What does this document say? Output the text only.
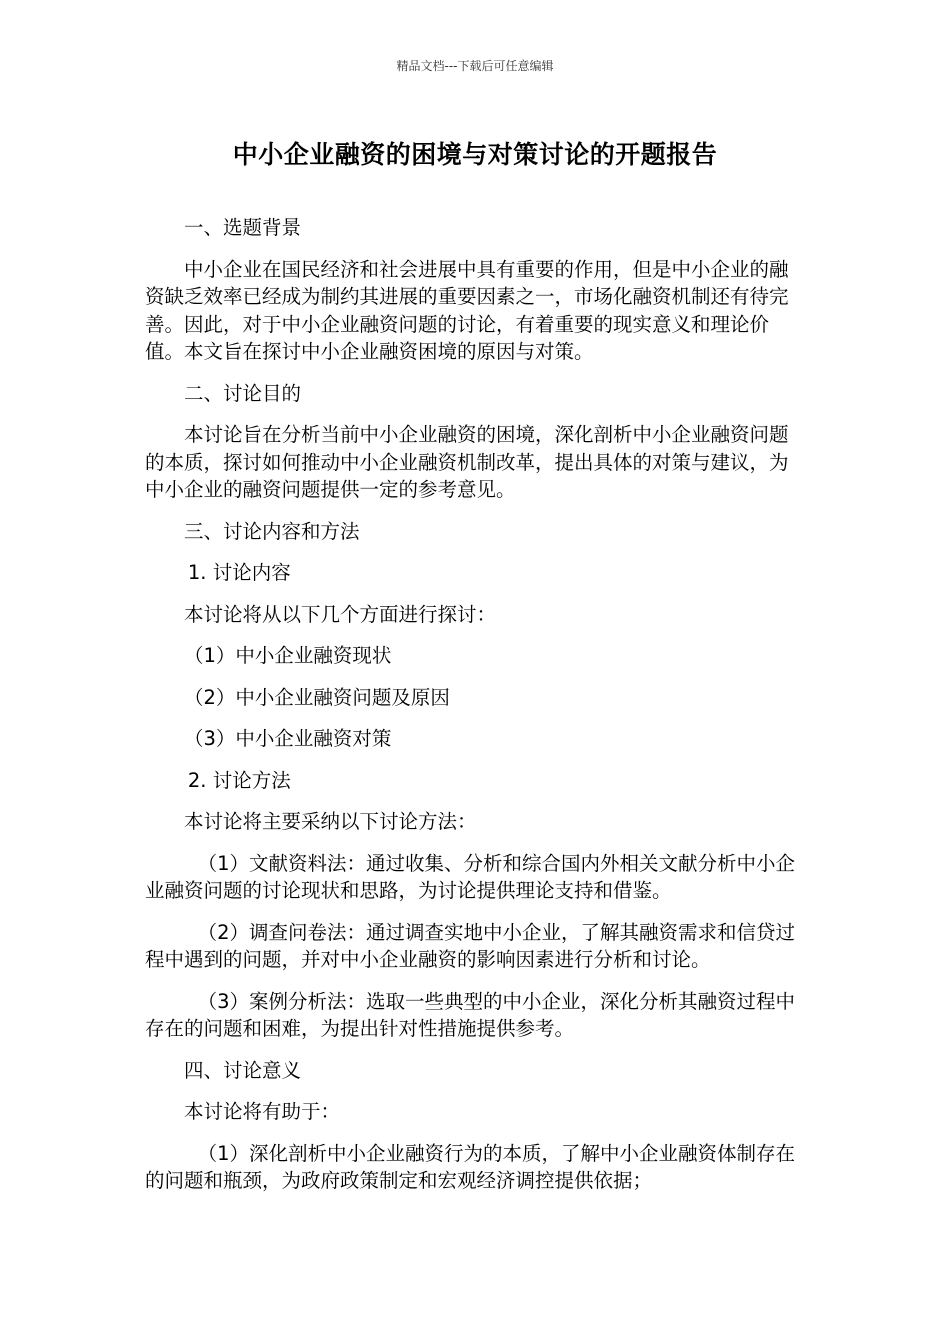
精品文档---下载后可任意编辑
中小企业融资的困境与对策讨论的开题报告

一、选题背景

中小企业在国民经济和社会进展中具有重要的作用，但是中小企业的融资缺乏效率已经成为制约其进展的重要因素之一，市场化融资机制还有待完善。因此，对于中小企业融资问题的讨论，有着重要的现实意义和理论价值。本文旨在探讨中小企业融资困境的原因与对策。

二、讨论目的

本讨论旨在分析当前中小企业融资的困境，深化剖析中小企业融资问题的本质，探讨如何推动中小企业融资机制改革，提出具体的对策与建议，为中小企业的融资问题提供一定的参考意见。

三、讨论内容和方法

1. 讨论内容

本讨论将从以下几个方面进行探讨：

（1）中小企业融资现状

（2）中小企业融资问题及原因

（3）中小企业融资对策

2. 讨论方法

本讨论将主要采纳以下讨论方法：

（1）文献资料法：通过收集、分析和综合国内外相关文献分析中小企业融资问题的讨论现状和思路，为讨论提供理论支持和借鉴。

（2）调查问卷法：通过调查实地中小企业，了解其融资需求和信贷过程中遇到的问题，并对中小企业融资的影响因素进行分析和讨论。

（3）案例分析法：选取一些典型的中小企业，深化分析其融资过程中存在的问题和困难，为提出针对性措施提供参考。

四、讨论意义

本讨论将有助于：

（1）深化剖析中小企业融资行为的本质，了解中小企业融资体制存在的问题和瓶颈，为政府政策制定和宏观经济调控提供依据；
